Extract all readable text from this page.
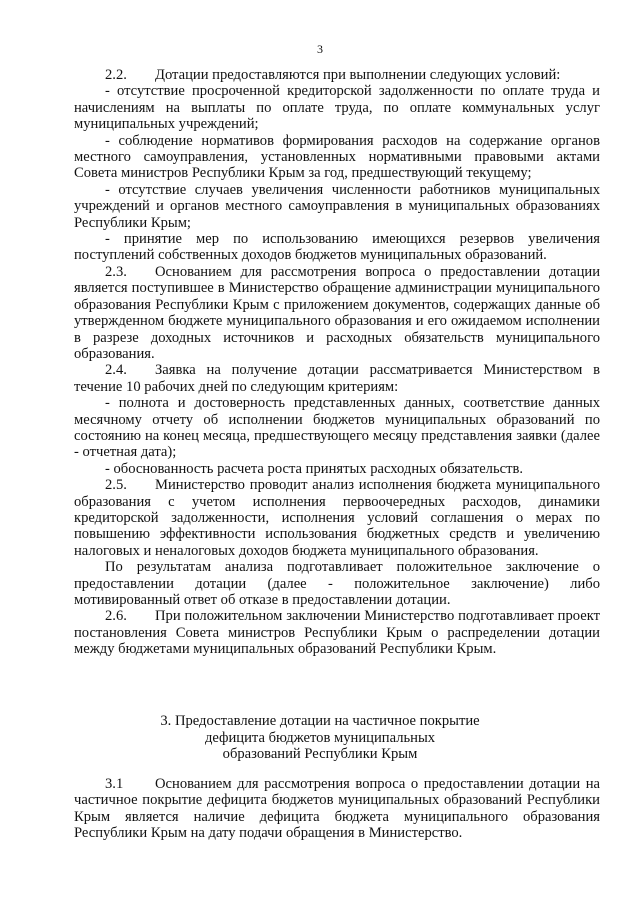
3

2.2. Дотации предоставляются при выполнении следующих условий:

- отсутствие просроченной кредиторской задолженности по оплате труда и начислениям на выплаты по оплате труда, по оплате коммунальных услуг муниципальных учреждений;

- соблюдение нормативов формирования расходов на содержание органов местного самоуправления, установленных нормативными правовыми актами Совета министров Республики Крым за год, предшествующий текущему;

- отсутствие случаев увеличения численности работников муниципальных учреждений и органов местного самоуправления в муниципальных образованиях Республики Крым;

- принятие мер по использованию имеющихся резервов увеличения поступлений собственных доходов бюджетов муниципальных образований.

2.3. Основанием для рассмотрения вопроса о предоставлении дотации является поступившее в Министерство обращение администрации муниципального образования Республики Крым с приложением документов, содержащих данные об утвержденном бюджете муниципального образования и его ожидаемом исполнении в разрезе доходных источников и расходных обязательств муниципального образования.

2.4. Заявка на получение дотации рассматривается Министерством в течение 10 рабочих дней по следующим критериям:

- полнота и достоверность представленных данных, соответствие данных месячному отчету об исполнении бюджетов муниципальных образований по состоянию на конец месяца, предшествующего месяцу представления заявки (далее - отчетная дата);

- обоснованность расчета роста принятых расходных обязательств.

2.5. Министерство проводит анализ исполнения бюджета муниципального образования с учетом исполнения первоочередных расходов, динамики кредиторской задолженности, исполнения условий соглашения о мерах по повышению эффективности использования бюджетных средств и увеличению налоговых и неналоговых доходов бюджета муниципального образования.

По результатам анализа подготавливает положительное заключение о предоставлении дотации (далее - положительное заключение) либо мотивированный ответ об отказе в предоставлении дотации.

2.6. При положительном заключении Министерство подготавливает проект постановления Совета министров Республики Крым о распределении дотации между бюджетами муниципальных образований Республики Крым.

3. Предоставление дотации на частичное покрытие
дефицита бюджетов муниципальных
образований Республики Крым

3.1 Основанием для рассмотрения вопроса о предоставлении дотации на частичное покрытие дефицита бюджетов муниципальных образований Республики Крым является наличие дефицита бюджета муниципального образования Республики Крым на дату подачи обращения в Министерство.
